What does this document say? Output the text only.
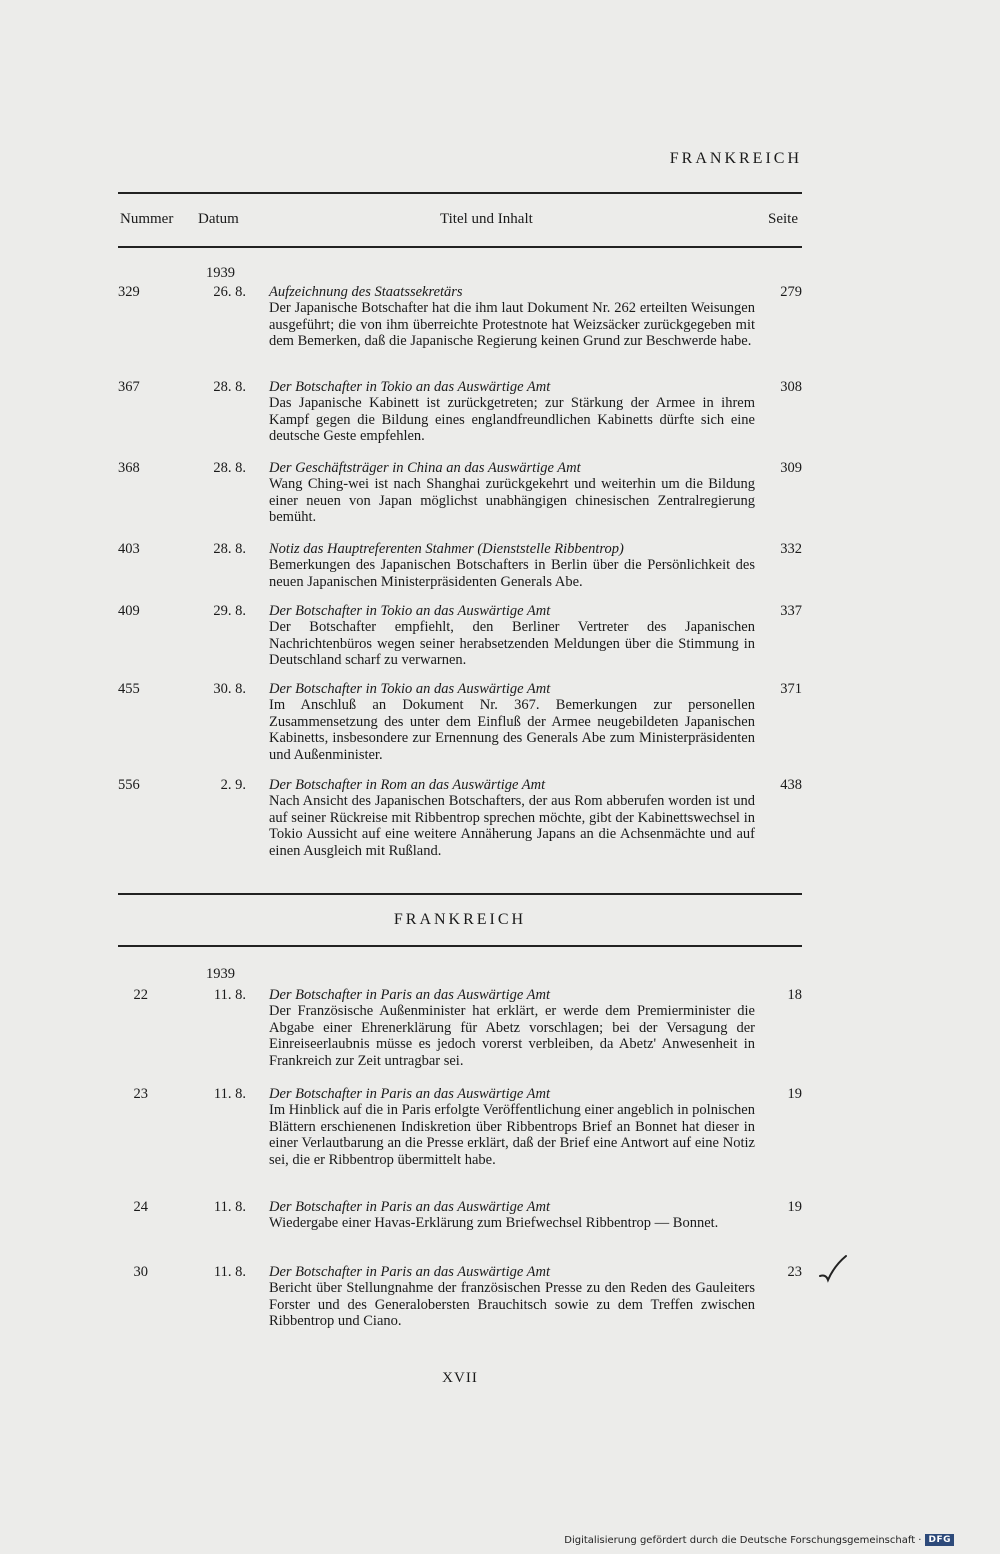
FRANKREICH
Nummer Datum	Titel und Inhalt	Seite
1939
329	26. 8. Aufzeichnung des Staatssekretärs
Der Japanische Botschafter hat die ihm laut Dokument Nr. 262 erteilten Weisungen ausgeführt; die von ihm überreichte Protestnote hat Weizsäcker zurückgegeben mit dem Bemerken, daß die Japanische Regierung keinen Grund zur Beschwerde habe.
279
367	28. 8. Der Botschafter in Tokio an das Auswärtige Amt
Das Japanische Kabinett ist zurückgetreten; zur Stärkung der Armee in ihrem Kampf gegen die Bildung eines englandfreundlichen Kabinetts dürfte sich eine deutsche Geste empfehlen.
308
368	28. 8. Der Geschäftsträger in China an das Auswärtige Amt
Wang Ching-wei ist nach Shanghai zurückgekehrt und weiterhin um die Bildung einer neuen von Japan möglichst unabhängigen chinesischen Zentralregierung bemüht.
309
403	28. 8. Notiz das Hauptreferenten Stahmer (Dienststelle Ribbentrop)
Bemerkungen des Japanischen Botschafters in Berlin über die Persönlichkeit des neuen Japanischen Ministerpräsidenten Generals Abe.
332
409	29. 8. Der Botschafter in Tokio an das Auswärtige Amt
Der Botschafter empfiehlt, den Berliner Vertreter des Japanischen Nachrichtenbüros wegen seiner herabsetzenden Meldungen über die Stimmung in Deutschland scharf zu verwarnen.
337
455	30. 8. Der Botschafter in Tokio an das Auswärtige Amt
Im Anschluß an Dokument Nr. 367. Bemerkungen zur personellen Zusammensetzung des unter dem Einfluß der Armee neugebildeten Japanischen Kabinetts, insbesondere zur Ernennung des Generals Abe zum Ministerpräsidenten und Außenminister.
371
556	2. 9. Der Botschafter in Rom an das Auswärtige Amt
Nach Ansicht des Japanischen Botschafters, der aus Rom abberufen worden ist und auf seiner Rückreise mit Ribbentrop sprechen möchte, gibt der Kabinettswechsel in Tokio Aussicht auf eine weitere Annäherung Japans an die Achsenmächte und auf einen Ausgleich mit Rußland.
438
FRANKREICH
1939
22	11. 8. Der Botschafter in Paris an das Auswärtige Amt
Der Französische Außenminister hat erklärt, er werde dem Premierminister die Abgabe einer Ehrenerklärung für Abetz vorschlagen; bei der Versagung der Einreiseerlaubnis müsse es jedoch vorerst verbleiben, da Abetz' Anwesenheit in Frankreich zur Zeit untragbar sei.
18
23	11. 8. Der Botschafter in Paris an das Auswärtige Amt
Im Hinblick auf die in Paris erfolgte Veröffentlichung einer angeblich in polnischen Blättern erschienenen Indiskretion über Ribbentrops Brief an Bonnet hat dieser in einer Verlautbarung an die Presse erklärt, daß der Brief eine Antwort auf eine Notiz sei, die er Ribbentrop übermittelt habe.
19
24	11. 8. Der Botschafter in Paris an das Auswärtige Amt
Wiedergabe einer Havas-Erklärung zum Briefwechsel Ribbentrop — Bonnet.
19
30	11. 8. Der Botschafter in Paris an das Auswärtige Amt
Bericht über Stellungnahme der französischen Presse zu den Reden des Gauleiters Forster und des Generalobersten Brauchitsch sowie zu dem Treffen zwischen Ribbentrop und Ciano.
23
XVII
Digitalisierung gefördert durch die Deutsche Forschungsgemeinschaft · DFG
